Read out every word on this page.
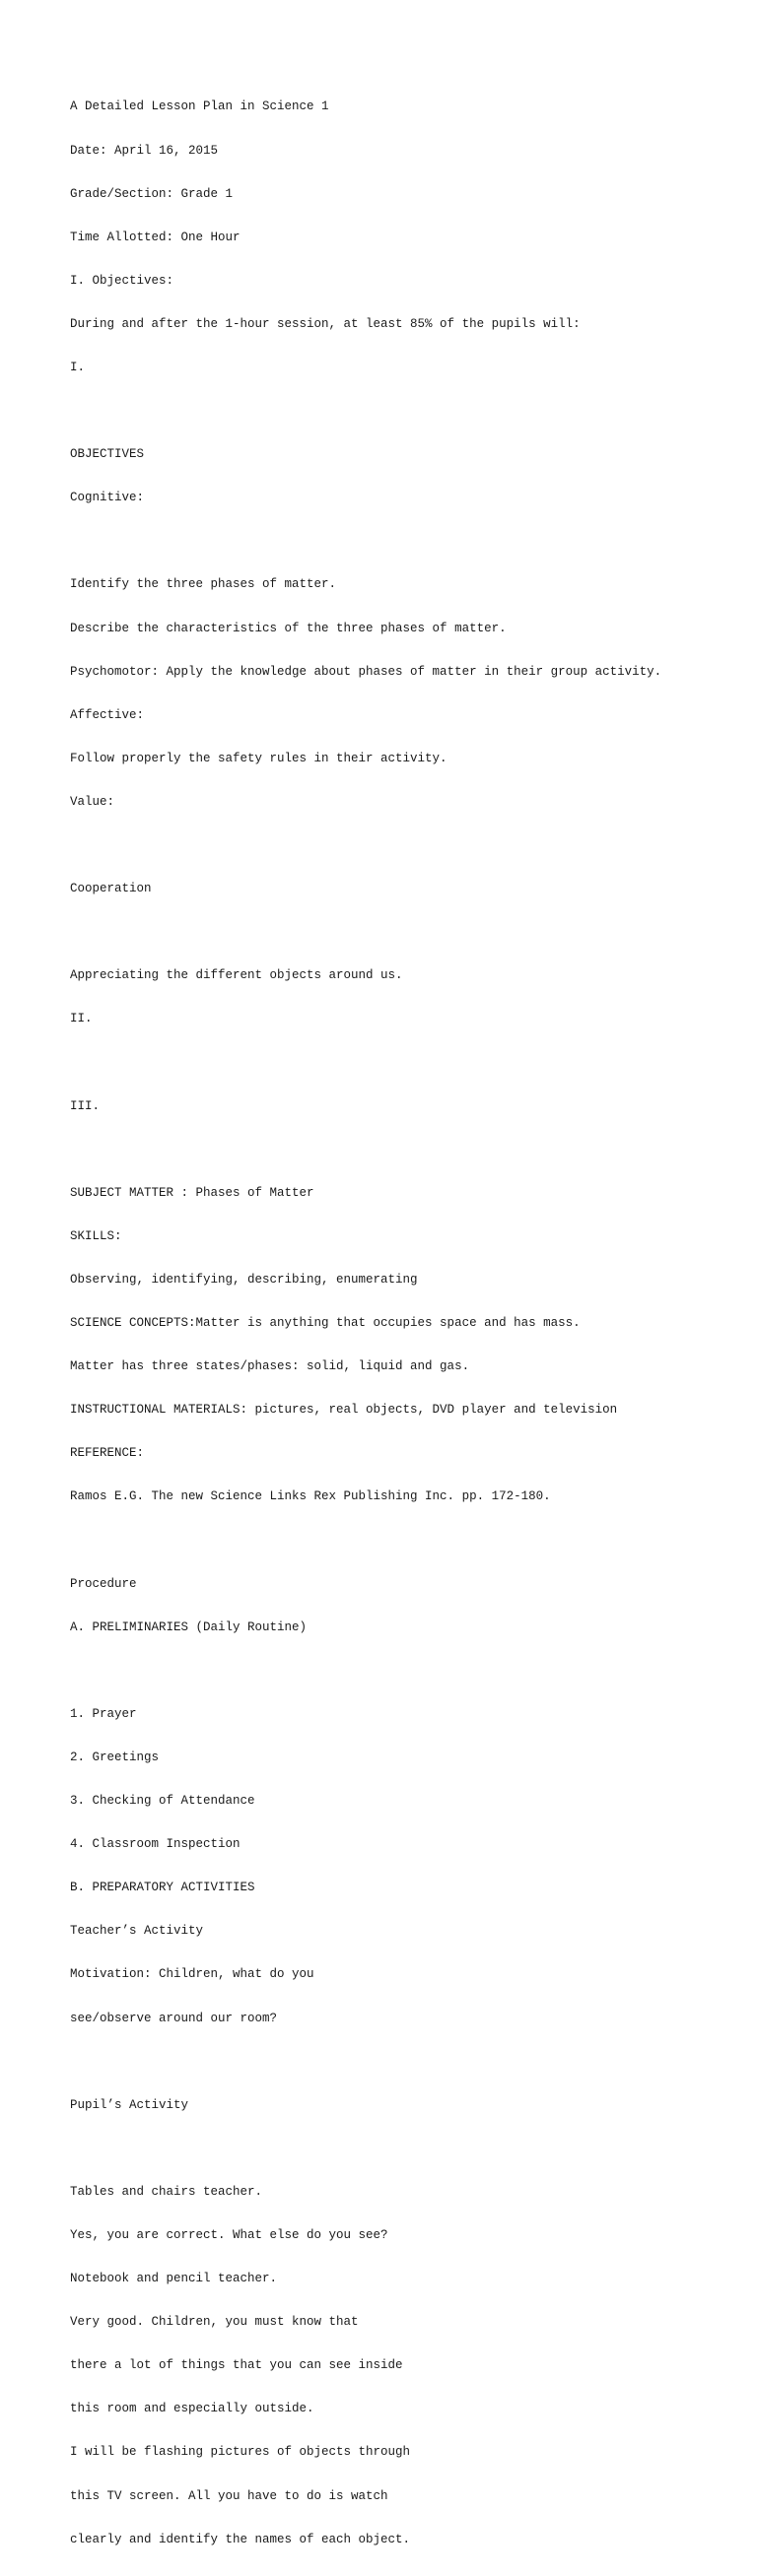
A Detailed Lesson Plan in Science 1

Date: April 16, 2015

Grade/Section: Grade 1

Time Allotted: One Hour

I. Objectives:

During and after the 1-hour session, at least 85% of the pupils will:

I.

OBJECTIVES

Cognitive:

Identify the three phases of matter.

Describe the characteristics of the three phases of matter.

Psychomotor: Apply the knowledge about phases of matter in their group activity.

Affective:

Follow properly the safety rules in their activity.

Value:

Cooperation

Appreciating the different objects around us.

II.

III.

SUBJECT MATTER : Phases of Matter

SKILLS:

Observing, identifying, describing, enumerating

SCIENCE CONCEPTS:Matter is anything that occupies space and has mass.

Matter has three states/phases: solid, liquid and gas.

INSTRUCTIONAL MATERIALS: pictures, real objects, DVD player and television

REFERENCE:

Ramos E.G. The new Science Links Rex Publishing Inc. pp. 172-180.

Procedure

A. PRELIMINARIES (Daily Routine)

1. Prayer

2. Greetings

3. Checking of Attendance

4. Classroom Inspection

B. PREPARATORY ACTIVITIES

Teacher’s Activity

Motivation: Children, what do you

see/observe around our room?

Pupil’s Activity

Tables and chairs teacher.

Yes, you are correct. What else do you see?

Notebook and pencil teacher.

Very good. Children, you must know that

there a lot of things that you can see inside

this room and especially outside.

I will be flashing pictures of objects through

this TV screen. All you have to do is watch

clearly and identify the names of each object.
